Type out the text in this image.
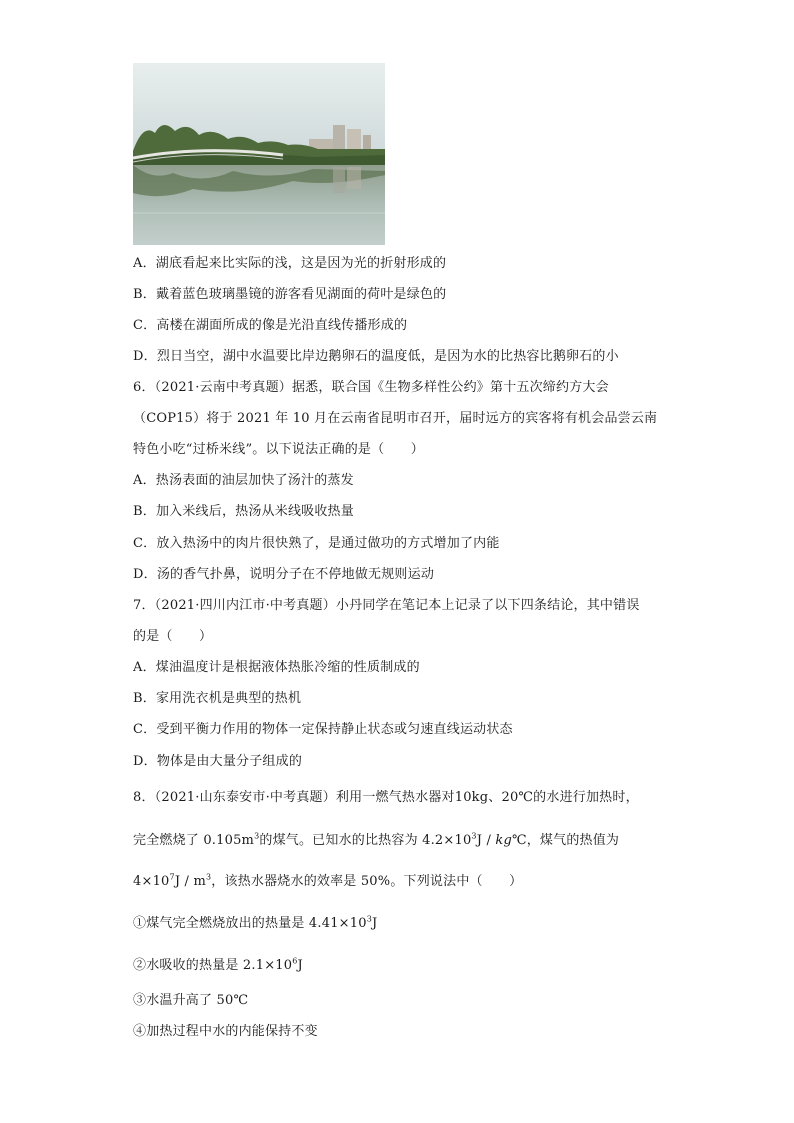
A．湖底看起来比实际的浅，这是因为光的折射形成的
B．戴着蓝色玻璃墨镜的游客看见湖面的荷叶是绿色的
C．高楼在湖面所成的像是光沿直线传播形成的
D．烈日当空，湖中水温要比岸边鹅卵石的温度低，是因为水的比热容比鹅卵石的小
6．（2021·云南中考真题）据悉，联合国《生物多样性公约》第十五次缔约方大会
（COP15）将于 2021 年 10 月在云南省昆明市召开，届时远方的宾客将有机会品尝云南
特色小吃“过桥米线”。以下说法正确的是（　　）
A．热汤表面的油层加快了汤汁的蒸发
B．加入米线后，热汤从米线吸收热量
C．放入热汤中的肉片很快熟了，是通过做功的方式增加了内能
D．汤的香气扑鼻，说明分子在不停地做无规则运动
7．（2021·四川内江市·中考真题）小丹同学在笔记本上记录了以下四条结论，其中错误
的是（　　）
A．煤油温度计是根据液体热胀冷缩的性质制成的
B．家用洗衣机是典型的热机
C．受到平衡力作用的物体一定保持静止状态或匀速直线运动状态
D．物体是由大量分子组成的
8．（2021·山东泰安市·中考真题）利用一燃气热水器对10kg、20℃的水进行加热时，
完全燃烧了 $0.105m^3$的煤气。已知水的比热容为 $4.2\times 10^3J$ / kg℃，煤气的热值为
$4\times 10^7J / m^3$，该热水器烧水的效率是 50%。下列说法中（　　）
①煤气完全燃烧放出的热量是 $4.41\times 10^3J$
②水吸收的热量是 $2.1\times 10^6J$
③水温升高了 50℃
④加热过程中水的内能保持不变
